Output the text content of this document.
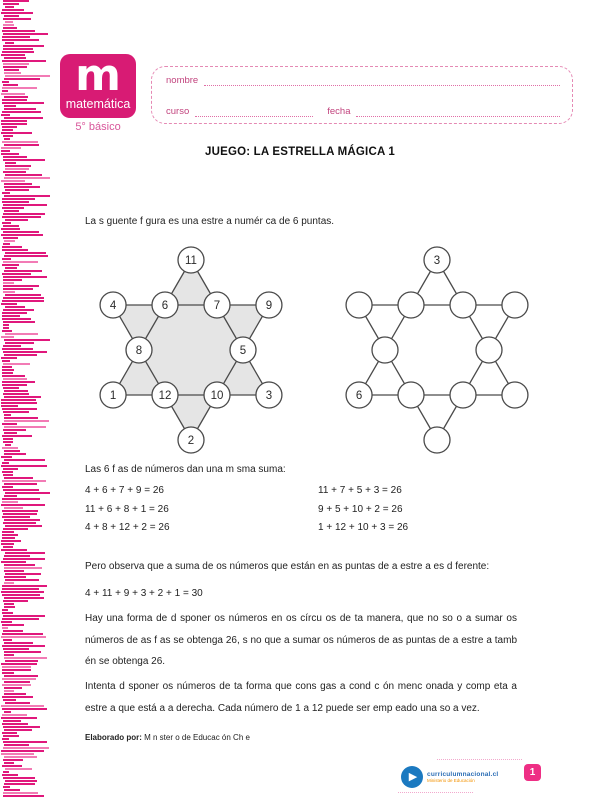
m
matemática
5° básico
nombre
curso	fecha
JUEGO: LA ESTRELLA MÁGICA 1
La s guente f gura es una estre a numér ca de 6 puntas.
11
4	6	7	9
8	5
1	12	10	3
2
3
6
Las 6 f as de números dan una m sma suma:
4 + 6 + 7 + 9 = 26
11 + 6 + 8 + 1 = 26
4 + 8 + 12 + 2 = 26
11 + 7 + 5 + 3 = 26
9 + 5 + 10 + 2 = 26
1 + 12 + 10 + 3 = 26
Pero observa que a suma de os números que están en as puntas de a estre a es d ferente:
4 + 11 + 9 + 3 + 2 + 1 = 30
Hay una forma de d sponer os números en os círcu os de ta manera, que no so o a sumar os números de as f as se obtenga 26, s no que a sumar os números de as puntas de a estre a tamb én se obtenga 26.
Intenta d sponer os números de ta forma que cons gas a cond c ón menc onada y comp eta a estre a que está a a derecha. Cada número de 1 a 12 puede ser emp eado una so a vez.
Elaborado por: M n ster o de Educac ón Ch e
▶ curriculumnacional.cl
Ministerio de Educación
1
